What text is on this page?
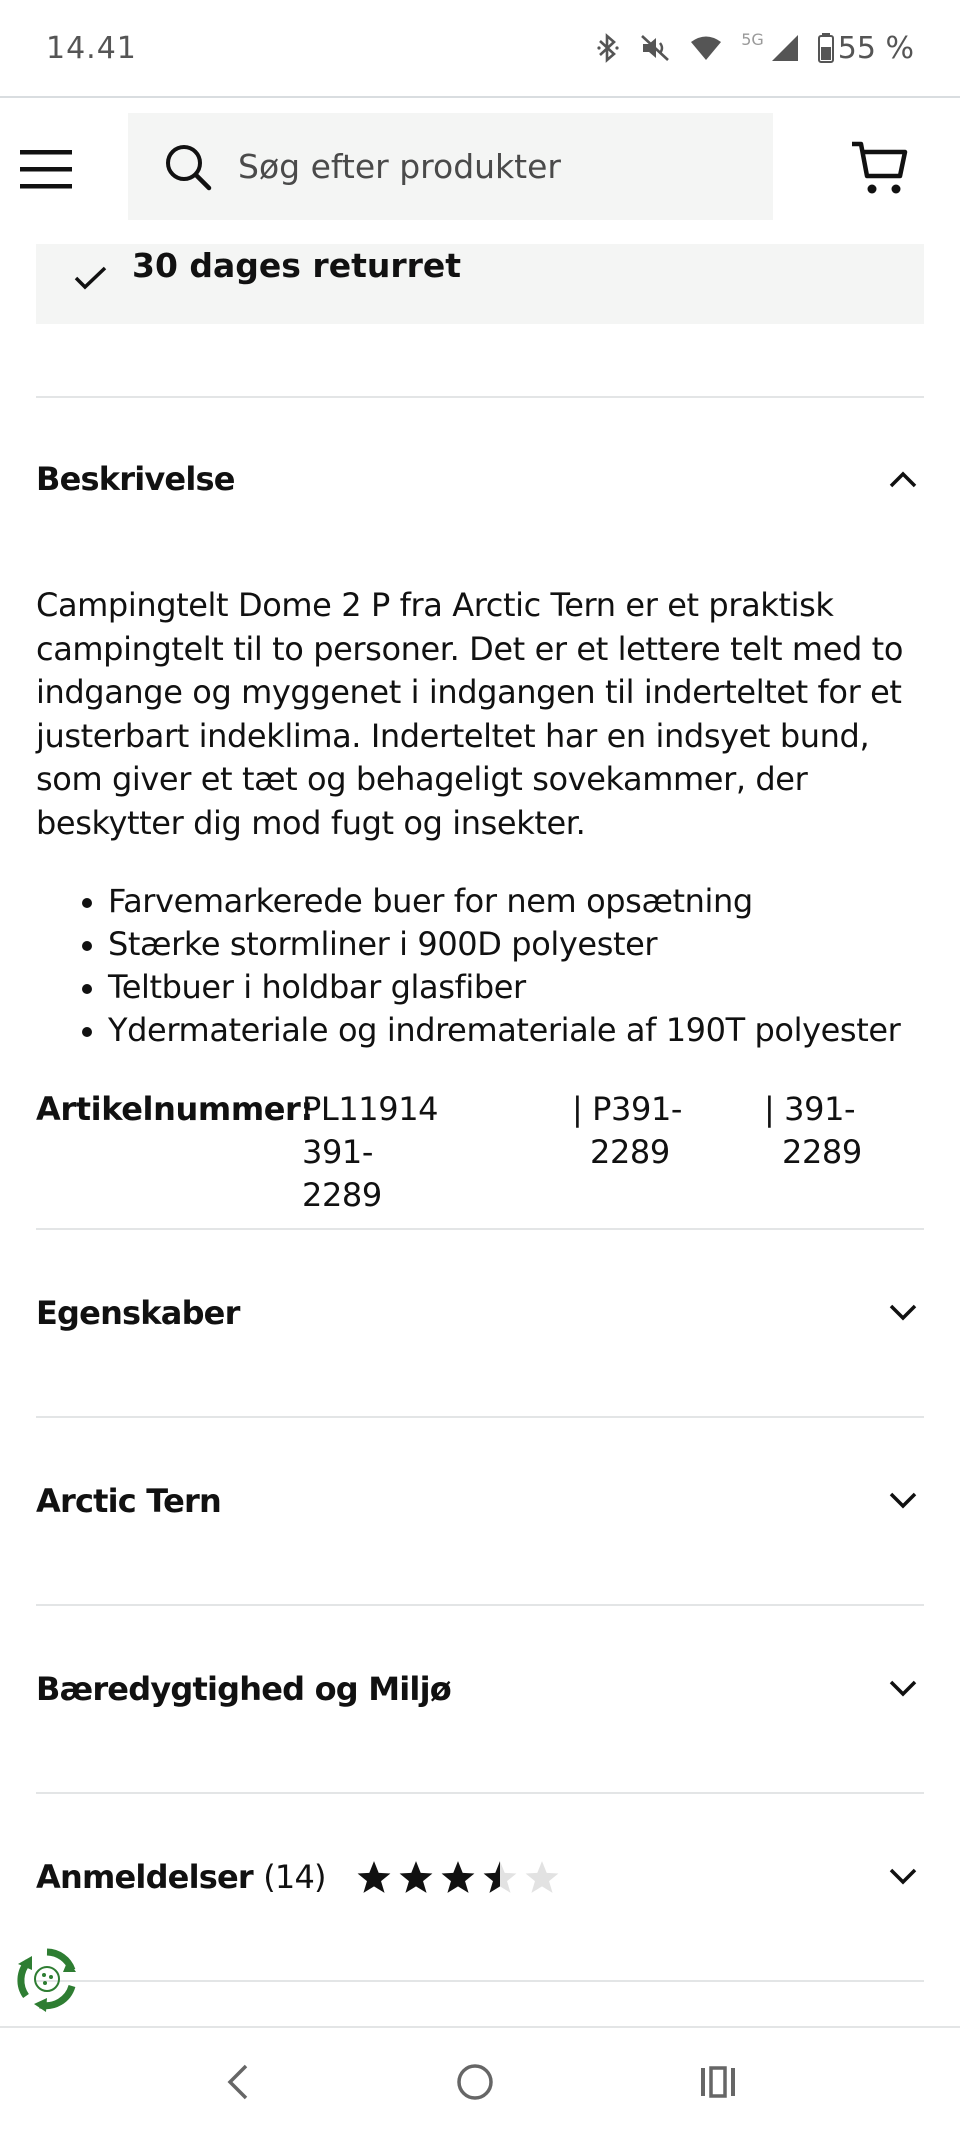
14.41	5G 55 %
Søg efter produkter
30 dages returret
Beskrivelse
Campingtelt Dome 2 P fra Arctic Tern er et praktisk
campingtelt til to personer. Det er et lettere telt med to
indgange og myggenet i indgangen til inderteltet for et
justerbart indeklima. Inderteltet har en indsyet bund,
som giver et tæt og behageligt sovekammer, der
beskytter dig mod fugt og insekter.
Farvemarkerede buer for nem opsætning
Stærke stormliner i 900D polyester
Teltbuer i holdbar glasfiber
Ydermateriale og indremateriale af 190T polyester
Artikelnummer:
PL11914 391-
2289
| P391-
2289
| 391-
2289
Egenskaber
Arctic Tern
Bæredygtighed og Miljø
Anmeldelser (14)
